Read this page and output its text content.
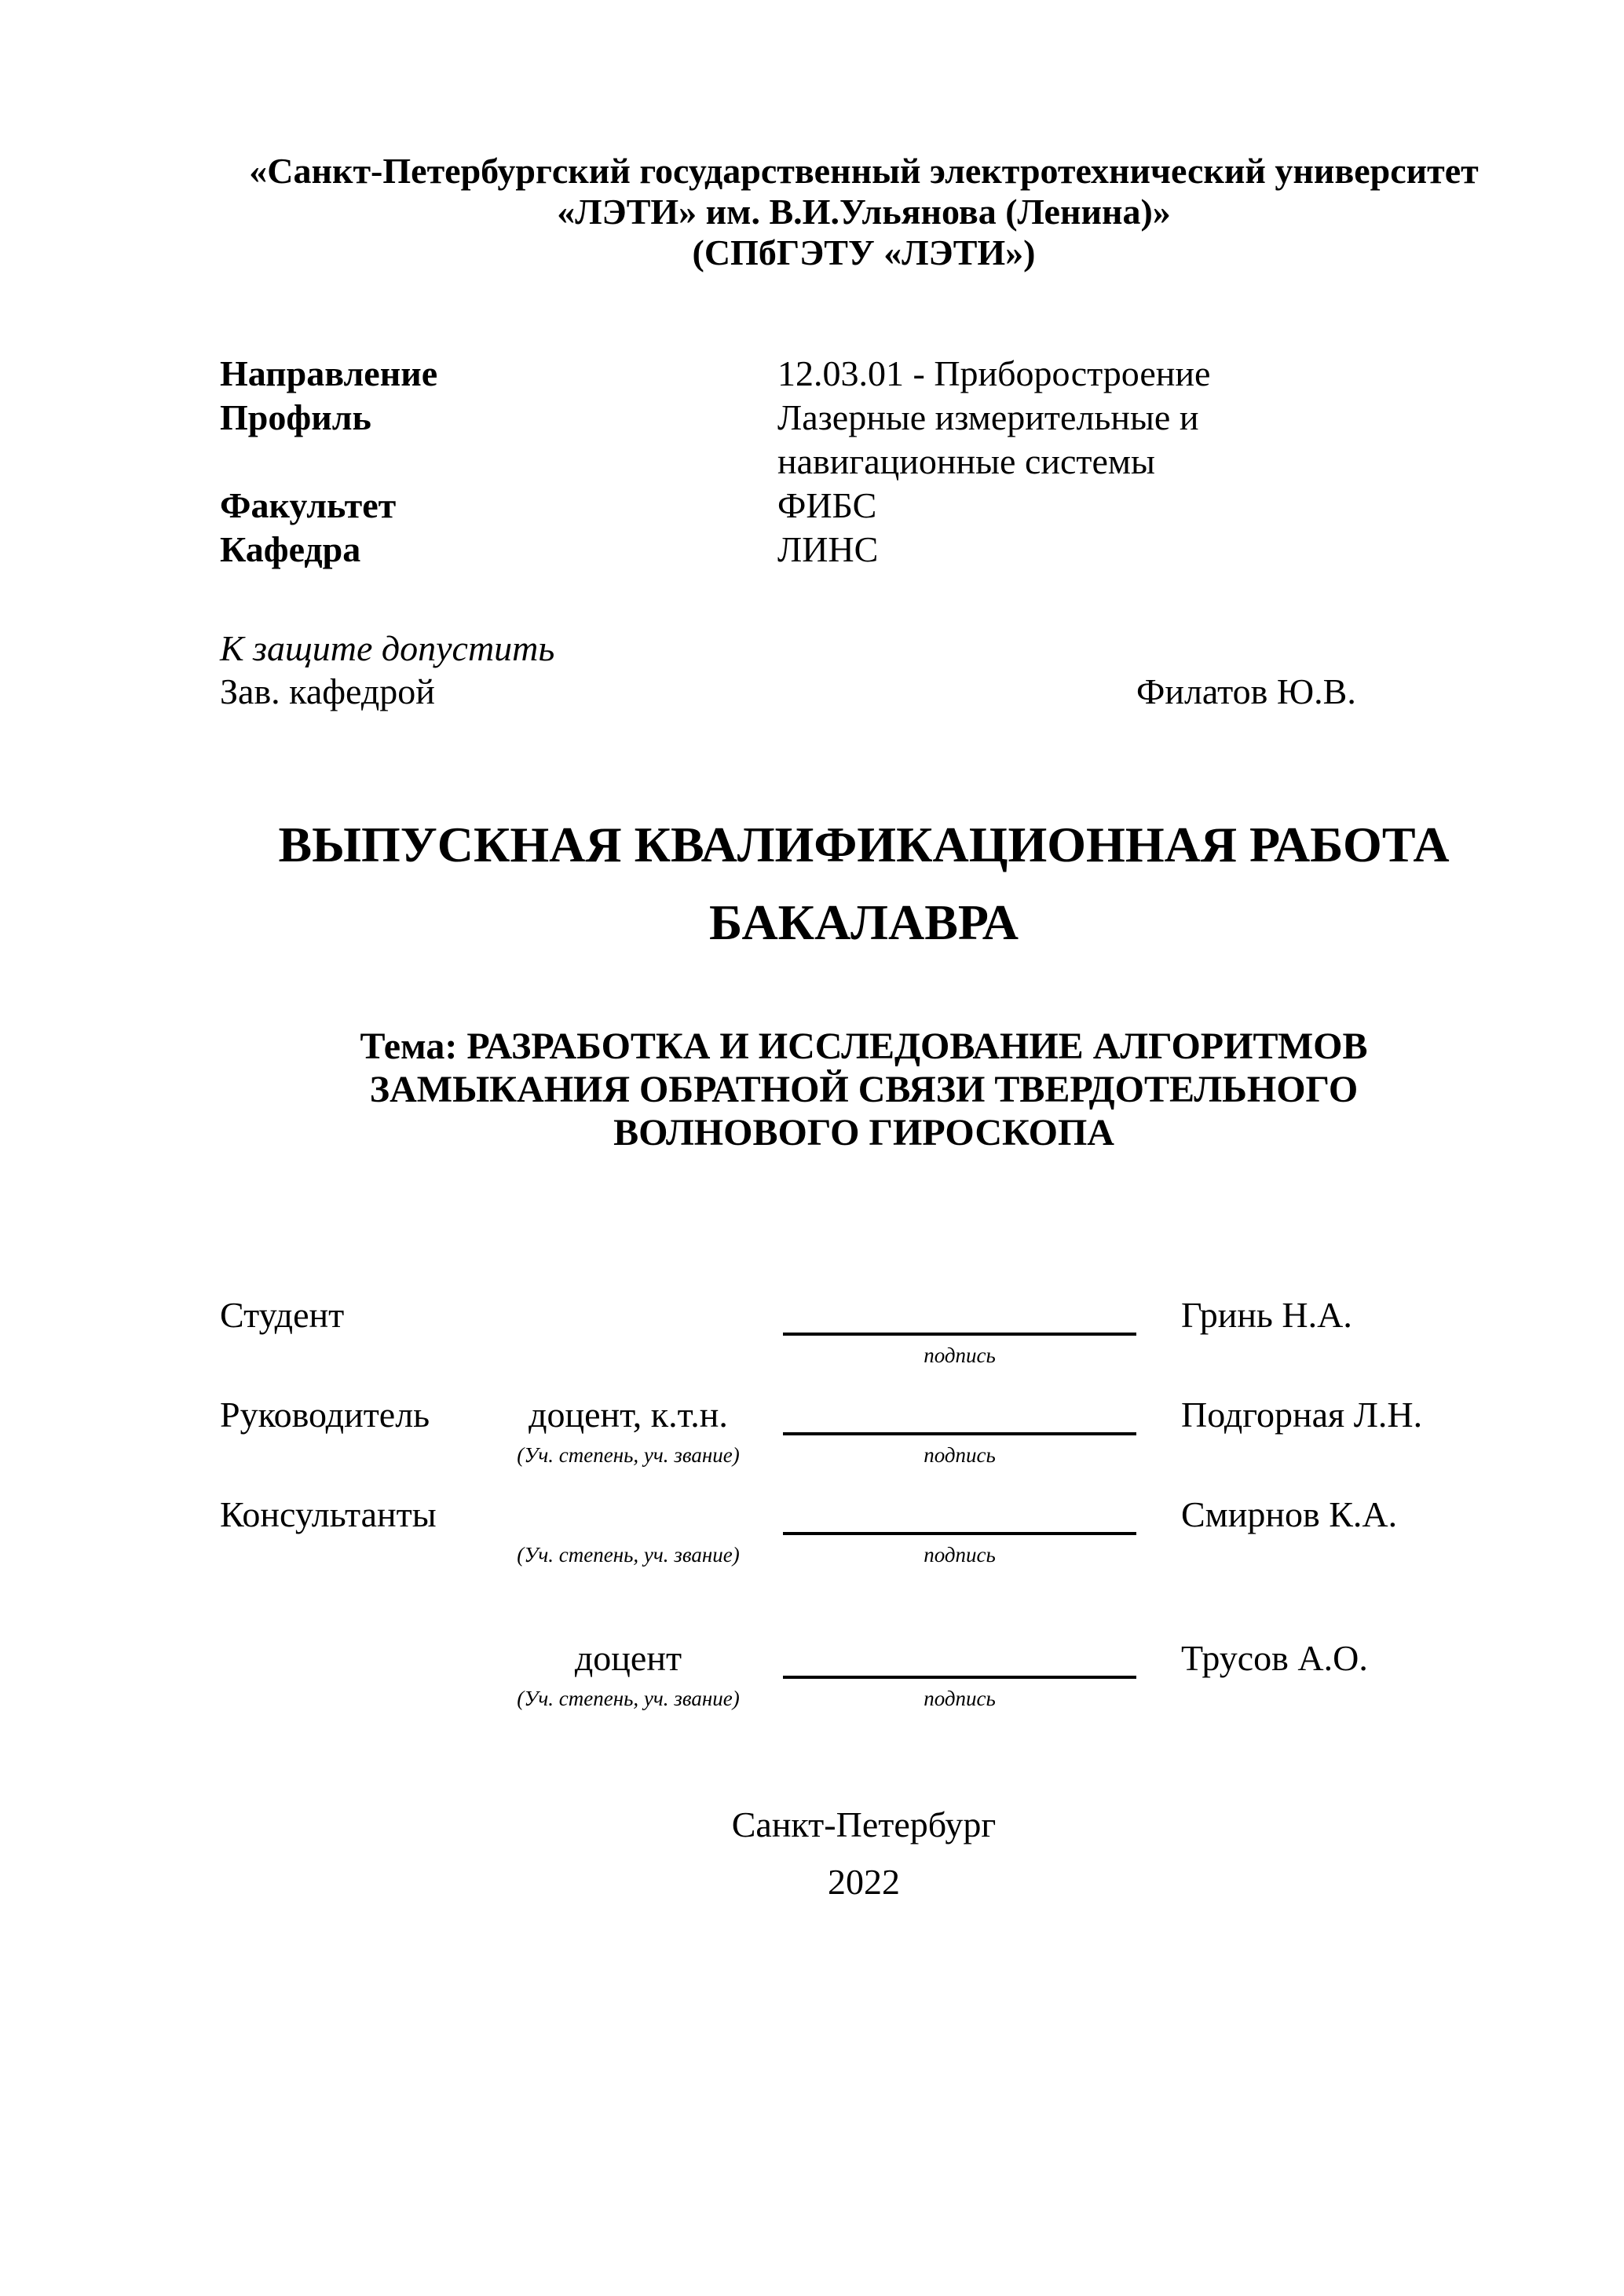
«Санкт-Петербургский государственный электротехнический университет
«ЛЭТИ» им. В.И.Ульянова (Ленина)»
(СПбГЭТУ «ЛЭТИ»)
Направление	12.03.01 - Приборостроение
Профиль	Лазерные измерительные и
навигационные системы
Факультет	ФИБС
Кафедра	ЛИНС
К защите допустить
Зав. кафедрой	Филатов Ю.В.
ВЫПУСКНАЯ КВАЛИФИКАЦИОННАЯ РАБОТА
БАКАЛАВРА
Тема: РАЗРАБОТКА И ИССЛЕДОВАНИЕ АЛГОРИТМОВ
ЗАМЫКАНИЯ ОБРАТНОЙ СВЯЗИ ТВЕРДОТЕЛЬНОГО
ВОЛНОВОГО ГИРОСКОПА
Студент	Гринь Н.А.
подпись
Руководитель	доцент, к.т.н.	Подгорная Л.Н.
(Уч. степень, уч. звание)	подпись
Консультанты	Смирнов К.А.
(Уч. степень, уч. звание)	подпись
доцент	Трусов А.О.
(Уч. степень, уч. звание)	подпись
Санкт-Петербург
2022
